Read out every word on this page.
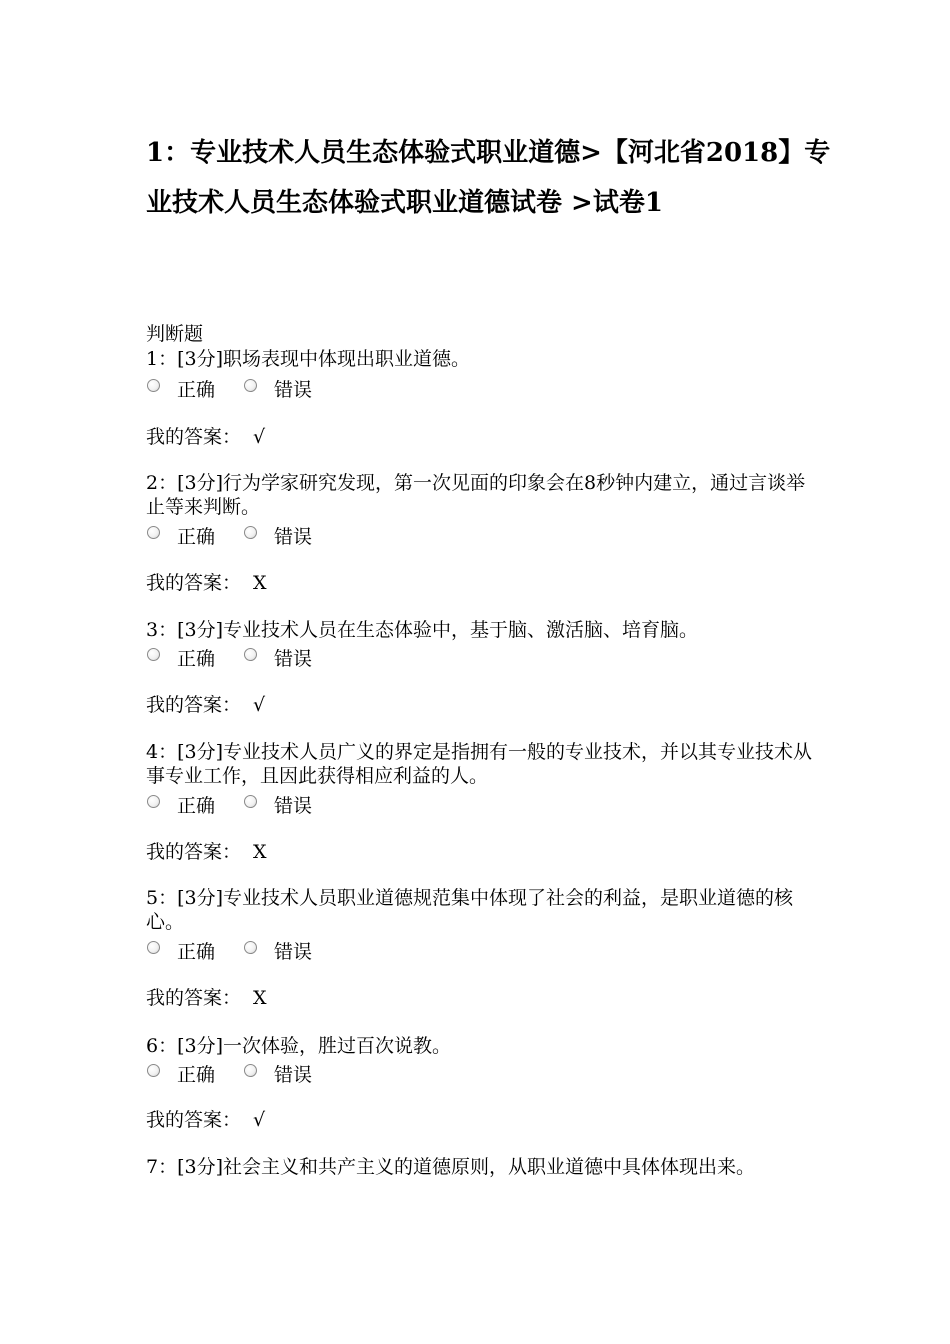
1：专业技术人员生态体验式职业道德>【河北省2018】专业技术人员生态体验式职业道德试卷 >试卷1
判断题
1：[3分]职场表现中体现出职业道德。
正确	错误
我的答案： √
2：[3分]行为学家研究发现，第一次见面的印象会在8秒钟内建立，通过言谈举止等来判断。
正确	错误
我的答案： X
3：[3分]专业技术人员在生态体验中，基于脑、激活脑、培育脑。
正确	错误
我的答案： √
4：[3分]专业技术人员广义的界定是指拥有一般的专业技术，并以其专业技术从事专业工作，且因此获得相应利益的人。
正确	错误
我的答案： X
5：[3分]专业技术人员职业道德规范集中体现了社会的利益，是职业道德的核心。
正确	错误
我的答案： X
6：[3分]一次体验，胜过百次说教。
正确	错误
我的答案： √
7：[3分]社会主义和共产主义的道德原则，从职业道德中具体体现出来。
